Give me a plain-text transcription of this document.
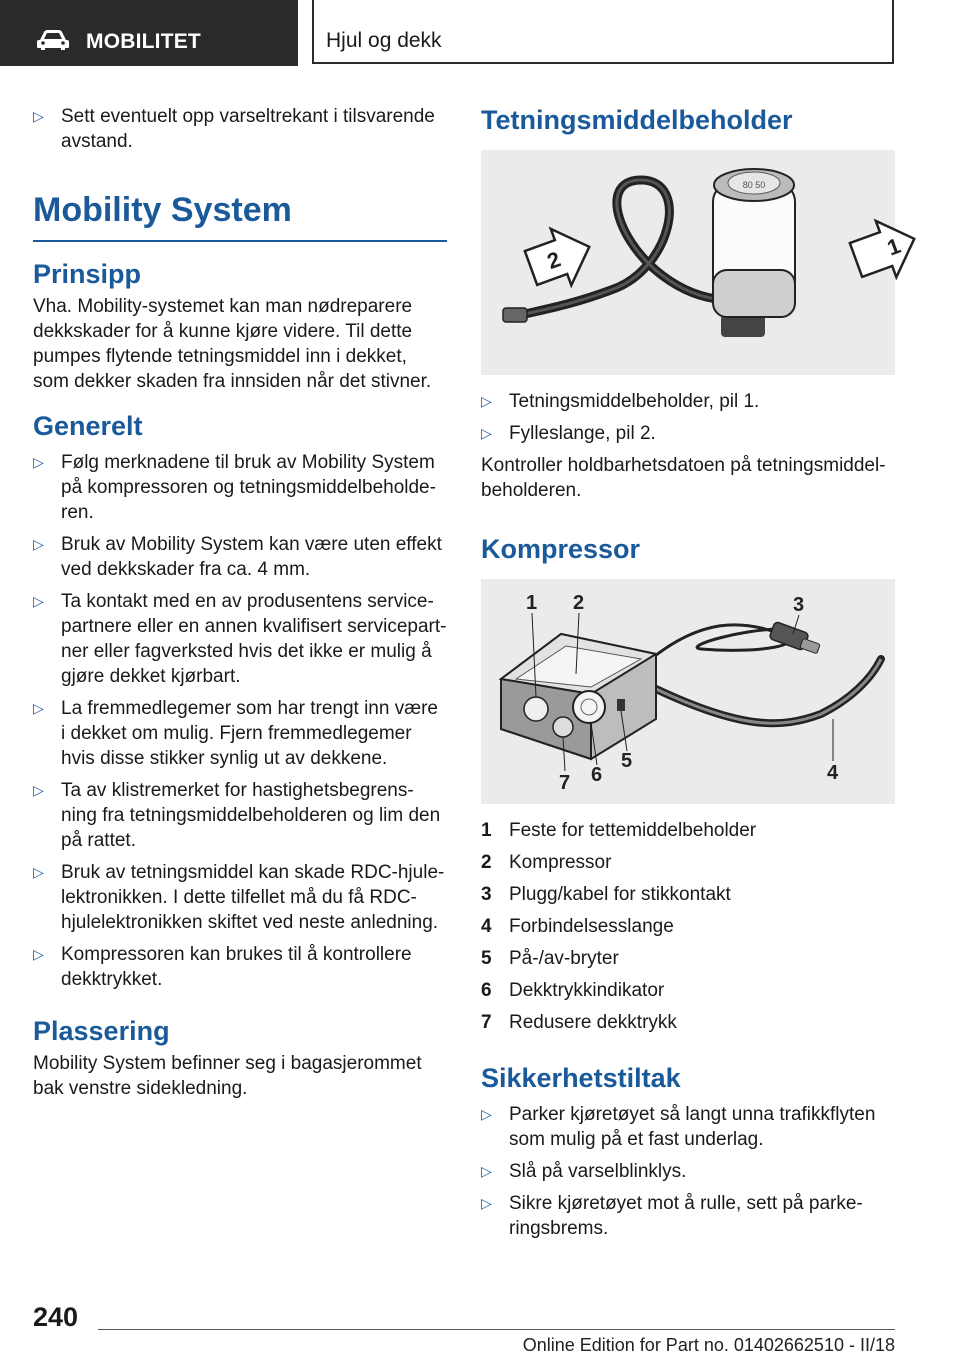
MOBILITET	Hjul og dekk
▷ Sett eventuelt opp varseltrekant i tilsvarende avstand.
Mobility System
Prinsipp

Vha. Mobility-systemet kan man nødreparere dekkskader for å kunne kjøre videre. Til dette pumpes flytende tetningsmiddel inn i dekket, som dekker skaden fra innsiden når det stivner.

Generelt
▷ Følg merknadene til bruk av Mobility System på kompressoren og tetningsmiddelbeholde-ren.
▷ Bruk av Mobility System kan være uten effekt ved dekkskader fra ca. 4 mm.
▷ Ta kontakt med en av produsentens service-partnere eller en annen kvalifisert servicepart-ner eller fagverksted hvis det ikke er mulig å gjøre dekket kjørbart.
▷ La fremmedlegemer som har trengt inn være i dekket om mulig. Fjern fremmedlegemer hvis disse stikker synlig ut av dekkene.
▷ Ta av klistremerket for hastighetsbegrens-ning fra tetningsmiddelbeholderen og lim den på rattet.
▷ Bruk av tetningsmiddel kan skade RDC-hjule-lektronikken. I dette tilfellet må du få RDC-hjulelektronikken skiftet ved neste anledning.
▷ Kompressoren kan brukes til å kontrollere dekktrykket.
Plassering

Mobility System befinner seg i bagasjerommet bak venstre sidekledning.

Tetningsmiddelbeholder
80 50
1
2
▷ Tetningsmiddelbeholder, pil 1.
▷ Fylleslange, pil 2.

Kontroller holdbarhetsdatoen på tetningsmiddel-beholderen.

Kompressor
1 2	3
4
5
6
7
1 Feste for tettemiddelbeholder
2 Kompressor
3 Plugg/kabel for stikkontakt
4 Forbindelsesslange
5 På-/av-bryter
6 Dekktrykkindikator
7 Redusere dekktrykk
Sikkerhetstiltak
▷ Parker kjøretøyet så langt unna trafikkflyten som mulig på et fast underlag.
▷ Slå på varselblinklys.
▷ Sikre kjøretøyet mot å rulle, sett på parke-ringsbrems.
240
Online Edition for Part no. 01402662510 - II/18
